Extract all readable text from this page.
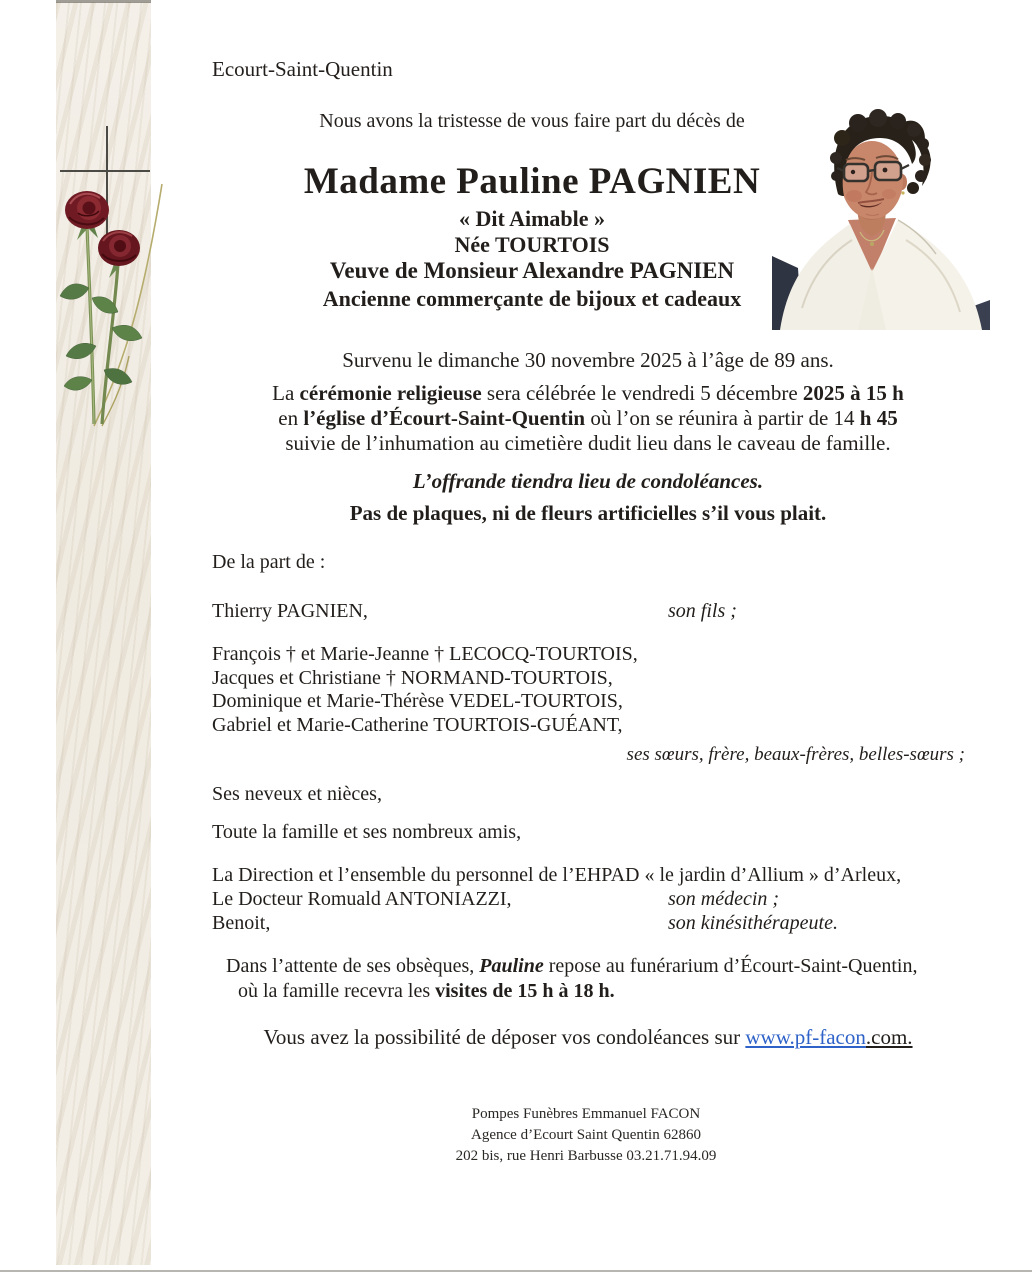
Ecourt-Saint-Quentin
Nous avons la tristesse de vous faire part du décès de
Madame Pauline PAGNIEN
« Dit Aimable »
Née TOURTOIS
Veuve de Monsieur Alexandre PAGNIEN
Ancienne commerçante de bijoux et cadeaux
Survenu le dimanche 30 novembre 2025 à l’âge de 89 ans.
La cérémonie religieuse sera célébrée le vendredi 5 décembre 2025 à 15 h
en l’église d’Écourt-Saint-Quentin où l’on se réunira à partir de 14 h 45
suivie de l’inhumation au cimetière dudit lieu dans le caveau de famille.
L’offrande tiendra lieu de condoléances.
Pas de plaques, ni de fleurs artificielles s’il vous plait.
De la part de :
Thierry PAGNIEN,	son fils ;
François † et Marie-Jeanne † LECOCQ-TOURTOIS,
Jacques et Christiane † NORMAND-TOURTOIS,
Dominique et Marie-Thérèse VEDEL-TOURTOIS,
Gabriel et Marie-Catherine TOURTOIS-GUÉANT,
ses sœurs, frère, beaux-frères, belles-sœurs ;
Ses neveux et nièces,
Toute la famille et ses nombreux amis,
La Direction et l’ensemble du personnel de l’EHPAD « le jardin d’Allium » d’Arleux,
Le Docteur Romuald ANTONIAZZI,	son médecin ;
Benoit,	son kinésithérapeute.
Dans l’attente de ses obsèques, Pauline repose au funérarium d’Écourt-Saint-Quentin,
où la famille recevra les visites de 15 h à 18 h.
Vous avez la possibilité de déposer vos condoléances sur www.pf-facon.com.
Pompes Funèbres Emmanuel FACON
Agence d’Ecourt Saint Quentin 62860
202 bis, rue Henri Barbusse 03.21.71.94.09
